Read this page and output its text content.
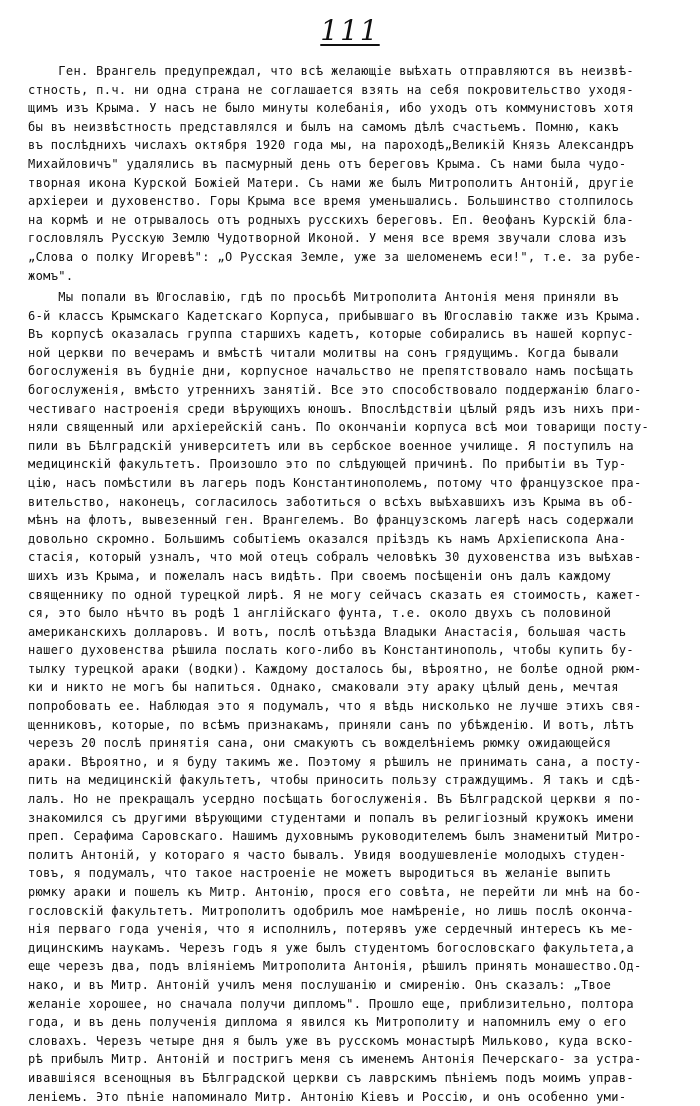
111
Ген. Врангель предупреждал, что всѣ желающіе выѣхать отправляются въ неизвѣ-
стность, п.ч. ни одна страна не соглашается взять на себя покровительство уходя-
щимъ изъ Крыма. У насъ не было минуты колебанія, ибо уходъ отъ коммунистовъ хотя
бы въ неизвѣстность представлялся и былъ на самомъ дѣлѣ счастьемъ. Помню, какъ
въ послѣднихъ числахъ октября 1920 года мы, на пароходѣ„Великій Князь Александръ
Михайловичъ" удалялись въ пасмурный день отъ береговъ Крыма. Съ нами была чудо-
творная икона Курской Божіей Матери. Съ нами же былъ Митрополитъ Антоній, другіе
архіереи и духовенство. Горы Крыма все время уменьшались. Большинство столпилось
на кормѣ и не отрывалось отъ родныхъ русскихъ береговъ. Еп. Ѳеофанъ Курскій бла-
гословлялъ Русскую Землю Чудотворной Иконой. У меня все время звучали слова изъ
„Слова о полку Игоревѣ": „О Русская Земле, уже за шеломенемъ еси!", т.е. за рубе-
жомъ".
Мы попали въ Югославію, гдѣ по просьбѣ Митрополита Антонія меня приняли въ
6-й классъ Крымскаго Кадетскаго Корпуса, прибывшаго въ Югославію также изъ Крыма.
Въ корпусѣ оказалась группа старшихъ кадетъ, которые собирались въ нашей корпус-
ной церкви по вечерамъ и вмѣстѣ читали молитвы на сонъ грядущимъ. Когда бывали
богослуженія въ будніе дни, корпусное начальство не препятствовало намъ посѣщать
богослуженія, вмѣсто утреннихъ занятій. Все это способствовало поддержанію благо-
честиваго настроенія среди вѣрующихъ юношъ. Впослѣдствіи цѣлый рядъ изъ нихъ при-
няли священный или архіерейскій санъ. По окончаніи корпуса всѣ мои товарищи посту-
пили въ Бѣлградскій университетъ или въ сербское военное училище. Я поступилъ на
медицинскій факультетъ. Произошло это по слѣдующей причинѣ. По прибытіи въ Тур-
цію, насъ помѣстили въ лагерь подъ Константинополемъ, потому что французское пра-
вительство, наконецъ, согласилось заботиться о всѣхъ выѣхавшихъ изъ Крыма въ об-
мѣнъ на флотъ, вывезенный ген. Врангелемъ. Во французскомъ лагерѣ насъ содержали
довольно скромно. Большимъ событіемъ оказался пріѣздъ къ намъ Архіепископа Ана-
стасія, который узналъ, что мой отецъ собралъ человѣкъ 30 духовенства изъ выѣхав-
шихъ изъ Крыма, и пожелалъ насъ видѣть. При своемъ посѣщеніи онъ далъ каждому
священнику по одной турецкой лирѣ. Я не могу сейчасъ сказать ея стоимость, кажет-
ся, это было нѣчто въ родѣ 1 англійскаго фунта, т.е. около двухъ съ половиной
американскихъ долларовъ. И вотъ, послѣ отъѣзда Владыки Анастасія, большая часть
нашего духовенства рѣшила послать кого-либо въ Константинополь, чтобы купить бу-
тылку турецкой араки (водки). Каждому досталось бы, вѣроятно, не болѣе одной рюм-
ки и никто не могъ бы напиться. Однако, смаковали эту араку цѣлый день, мечтая
попробовать ее. Наблюдая это я подумалъ, что я вѣдь нисколько не лучше этихъ свя-
щенниковъ, которые, по всѣмъ признакамъ, приняли санъ по убѣжденію. И вотъ, лѣтъ
черезъ 20 послѣ принятія сана, они смакуютъ съ вожделѣніемъ рюмку ожидающейся
араки. Вѣроятно, и я буду такимъ же. Поэтому я рѣшилъ не принимать сана, а посту-
пить на медицинскій факультетъ, чтобы приносить пользу страждущимъ. Я такъ и сдѣ-
лалъ. Но не прекращалъ усердно посѣщать богослуженія. Въ Бѣлградской церкви я по-
знакомился съ другими вѣрующими студентами и попалъ въ религіозный кружокъ имени
преп. Серафима Саровскаго. Нашимъ духовнымъ руководителемъ былъ знаменитый Митро-
политъ Антоній, у котораго я часто бывалъ. Увидя воодушевленіе молодыхъ студен-
товъ, я подумалъ, что такое настроеніе не можетъ выродиться въ желаніе выпить
рюмку араки и пошелъ къ Митр. Антонію, прося его совѣта, не перейти ли мнѣ на бо-
гословскій факультетъ. Митрополитъ одобрилъ мое намѣреніе, но лишь послѣ оконча-
нія перваго года ученія, что я исполнилъ, потерявъ уже сердечный интересъ къ ме-
дицинскимъ наукамъ. Черезъ годъ я уже былъ студентомъ богословскаго факультета,а
еще черезъ два, подъ вліяніемъ Митрополита Антонія, рѣшилъ принять монашество.Од-
нако, и въ Митр. Антоній училъ меня послушанію и смиренію. Онъ сказалъ: „Твое
желаніе хорошее, но сначала получи дипломъ". Прошло еще, приблизительно, полтора
года, и въ день полученія диплома я явился къ Митрополиту и напомнилъ ему о его
словахъ. Черезъ четыре дня я былъ уже въ русскомъ монастырѣ Мильково, куда вско-
рѣ прибылъ Митр. Антоній и постригъ меня съ именемъ Антонія Печерскаго- за устра-
ивавшіяся всенощныя въ Бѣлградской церкви съ лаврскимъ пѣніемъ подъ моимъ управ-
леніемъ. Это пѣніе напоминало Митр. Антонію Кіевъ и Россію, и онъ особенно уми-
